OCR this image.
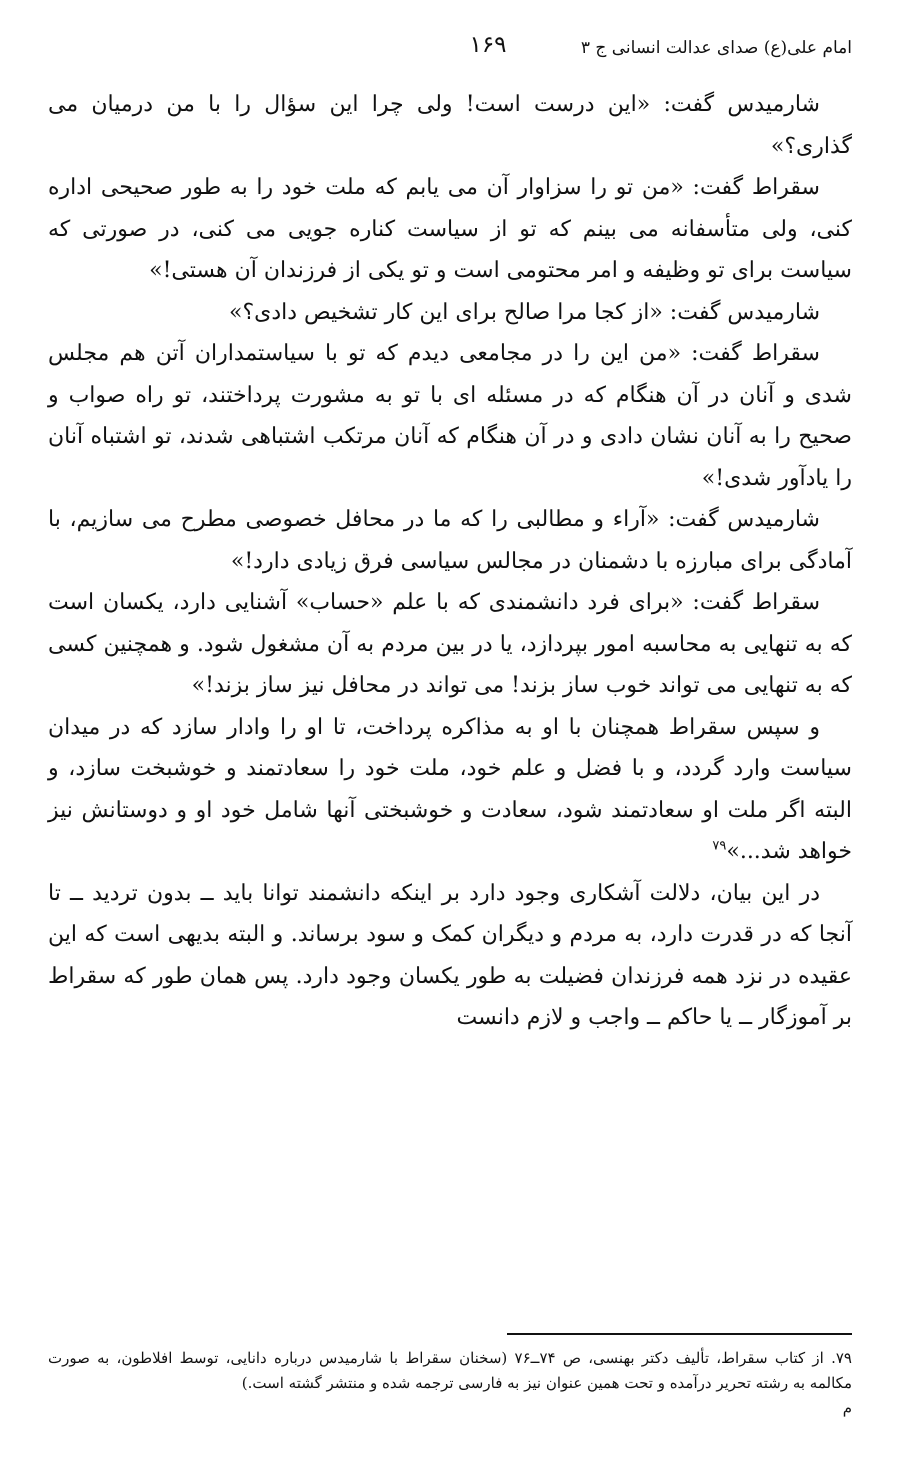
امام علی(ع) صدای عدالت انسانی ج ۳
۱۶۹

شارمیدس گفت: «این درست است! ولی چرا این سؤال را با من درمیان می گذاری؟»

سقراط گفت: «من تو را سزاوار آن می یابم که ملت خود را به طور صحیحی اداره کنی، ولی متأسفانه می بینم که تو از سیاست کناره جویی می کنی، در صورتی که سیاست برای تو وظیفه و امر محتومی است و تو یکی از فرزندان آن هستی!»

شارمیدس گفت: «از کجا مرا صالح برای این کار تشخیص دادی؟»

سقراط گفت: «من این را در مجامعی دیدم که تو با سیاستمداران آتن هم مجلس شدی و آنان در آن هنگام که در مسئله ای با تو به مشورت پرداختند، تو راه صواب و صحیح را به آنان نشان دادی و در آن هنگام که آنان مرتکب اشتباهی شدند، تو اشتباه آنان را یادآور شدی!»

شارمیدس گفت: «آراء و مطالبی را که ما در محافل خصوصی مطرح می سازیم، با آمادگی برای مبارزه با دشمنان در مجالس سیاسی فرق زیادی دارد!»

سقراط گفت: «برای فرد دانشمندی که با علم «حساب» آشنایی دارد، یکسان است که به تنهایی به محاسبه امور بپردازد، یا در بین مردم به آن مشغول شود. و همچنین کسی که به تنهایی می تواند خوب ساز بزند! می تواند در محافل نیز ساز بزند!»

و سپس سقراط همچنان با او به مذاکره پرداخت، تا او را وادار سازد که در میدان سیاست وارد گردد، و با فضل و علم خود، ملت خود را سعادتمند و خوشبخت سازد، و البته اگر ملت او سعادتمند شود، سعادت و خوشبختی آنها شامل خود او و دوستانش نیز خواهد شد...»$^{۷۹}$

در این بیان، دلالت آشکاری وجود دارد بر اینکه دانشمند توانا باید ــ بدون تردید ــ تا آنجا که در قدرت دارد، به مردم و دیگران کمک و سود برساند. و البته بدیهی است که این عقیده در نزد همه فرزندان فضیلت به طور یکسان وجود دارد. پس همان طور که سقراط بر آموزگار ــ یا حاکم ــ واجب و لازم دانست

۷۹. از کتاب سقراط، تألیف دکتر بهنسی، ص ۷۴ــ۷۶ (سخنان سقراط با شارمیدس درباره دانایی، توسط افلاطون، به صورت مکالمه به رشته تحریر درآمده و تحت همین عنوان نیز به فارسی ترجمه شده و منتشر گشته است.)

م
